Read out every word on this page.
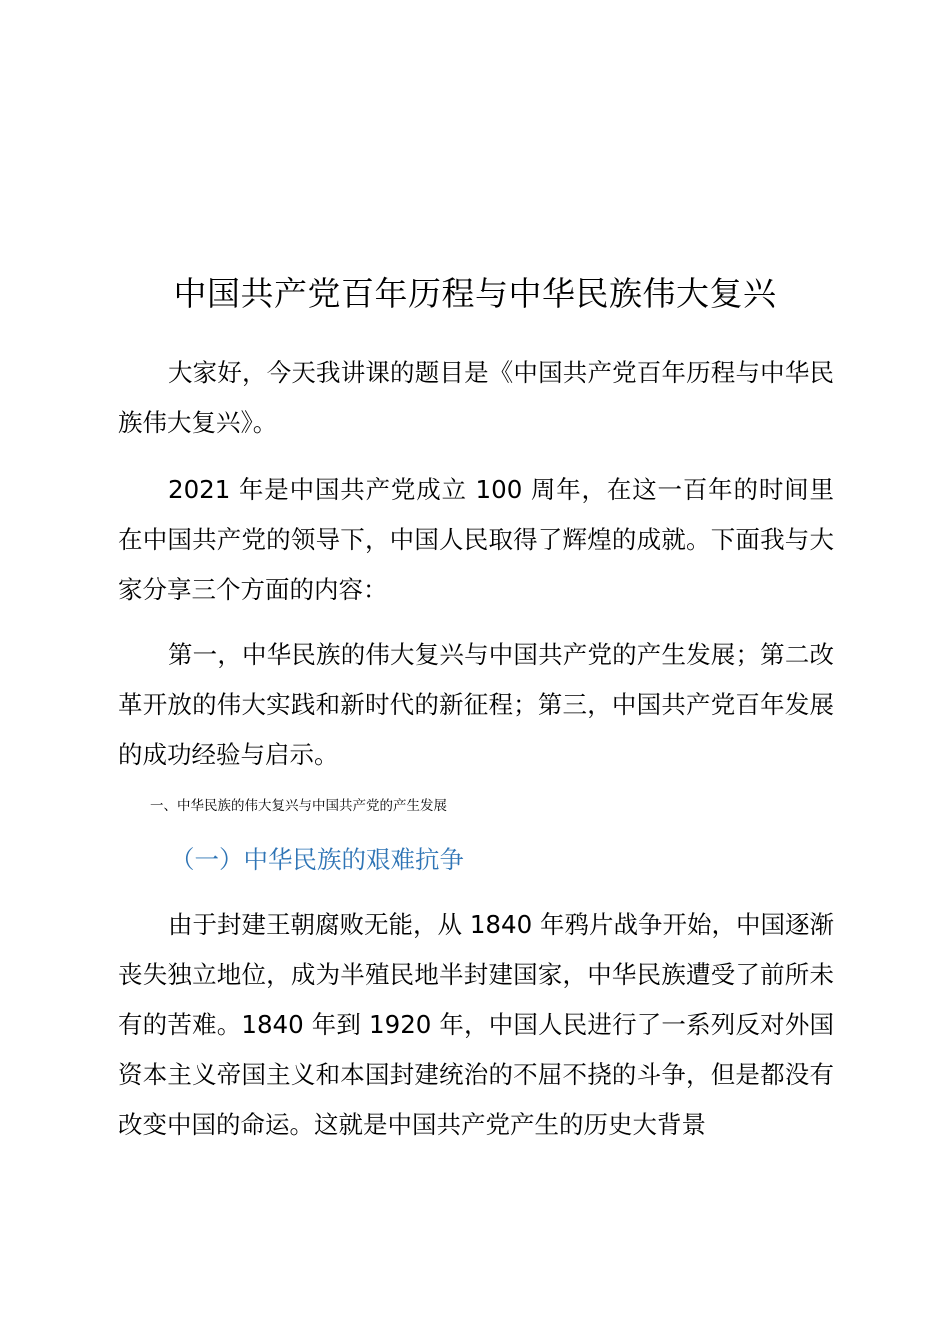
中国共产党百年历程与中华民族伟大复兴

大家好，今天我讲课的题目是《中国共产党百年历程与中华民族伟大复兴》。

2021 年是中国共产党成立 100 周年，在这一百年的时间里在中国共产党的领导下，中国人民取得了辉煌的成就。下面我与大家分享三个方面的内容：

第一，中华民族的伟大复兴与中国共产党的产生发展；第二改革开放的伟大实践和新时代的新征程；第三，中国共产党百年发展的成功经验与启示。

一、中华民族的伟大复兴与中国共产党的产生发展
（一）中华民族的艰难抗争

由于封建王朝腐败无能，从 1840 年鸦片战争开始，中国逐渐丧失独立地位，成为半殖民地半封建国家，中华民族遭受了前所未有的苦难。1840 年到 1920 年，中国人民进行了一系列反对外国资本主义帝国主义和本国封建统治的不屈不挠的斗争，但是都没有改变中国的命运。这就是中国共产党产生的历史大背景
